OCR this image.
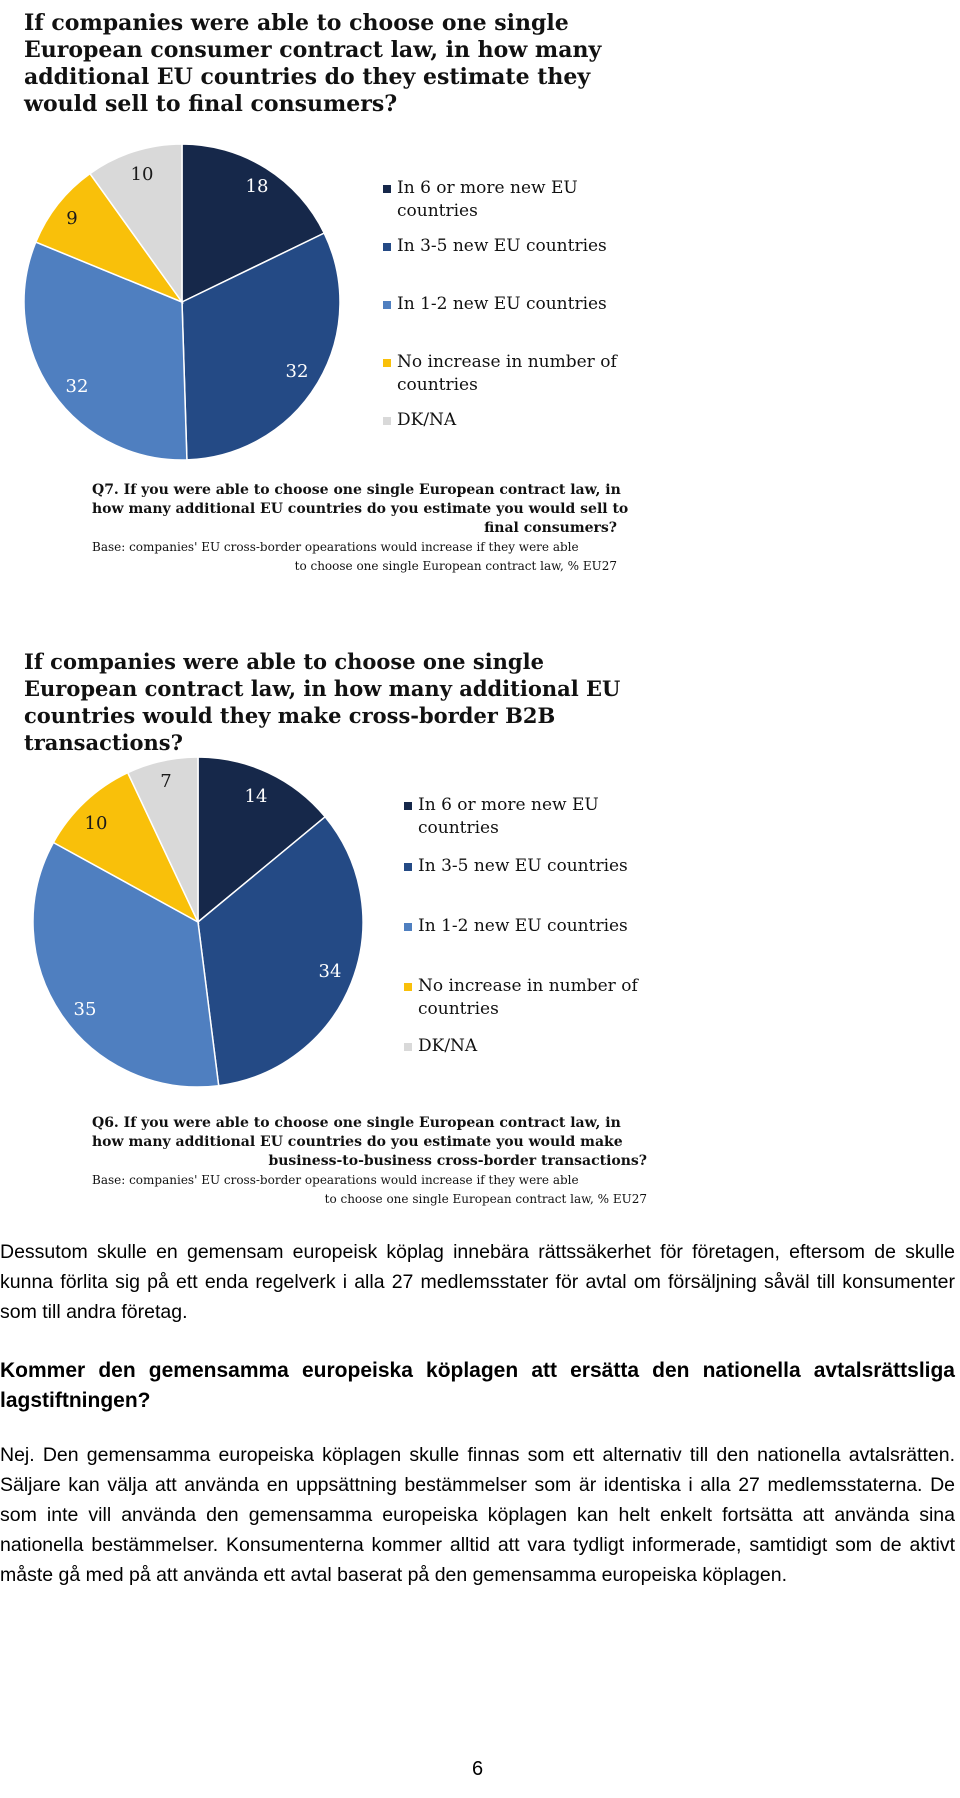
If companies were able to choose one single European consumer contract law, in how many additional EU countries do they estimate they would sell to final consumers?
18
32
32
9
10
In 6 or more new EU countries
In 3-5 new EU countries
In 1-2 new EU countries
No increase in number of countries
DK/NA
Q7. If you were able to choose one single European contract law, in
how many additional EU countries do you estimate you would sell to
final consumers?
Base: companies' EU cross-border opearations would increase if they were able
to choose one single European contract law, % EU27
If companies were able to choose one single European contract law, in how many additional EU countries would they make cross-border B2B transactions?
14
34
35
10
7
In 6 or more new EU countries
In 3-5 new EU countries
In 1-2 new EU countries
No increase in number of countries
DK/NA
Q6. If you were able to choose one single European contract law, in
how many additional EU countries do you estimate you would make
business-to-business cross-border transactions?
Base: companies' EU cross-border opearations would increase if they were able
to choose one single European contract law, % EU27
Dessutom skulle en gemensam europeisk köplag innebära rättssäkerhet för företagen, eftersom de skulle kunna förlita sig på ett enda regelverk i alla 27 medlemsstater för avtal om försäljning såväl till konsumenter som till andra företag.
Kommer den gemensamma europeiska köplagen att ersätta den nationella avtalsrättsliga lagstiftningen?
Nej. Den gemensamma europeiska köplagen skulle finnas som ett alternativ till den nationella avtalsrätten. Säljare kan välja att använda en uppsättning bestämmelser som är identiska i alla 27 medlemsstaterna. De som inte vill använda den gemensamma europeiska köplagen kan helt enkelt fortsätta att använda sina nationella bestämmelser. Konsumenterna kommer alltid att vara tydligt informerade, samtidigt som de aktivt måste gå med på att använda ett avtal baserat på den gemensamma europeiska köplagen.
6
